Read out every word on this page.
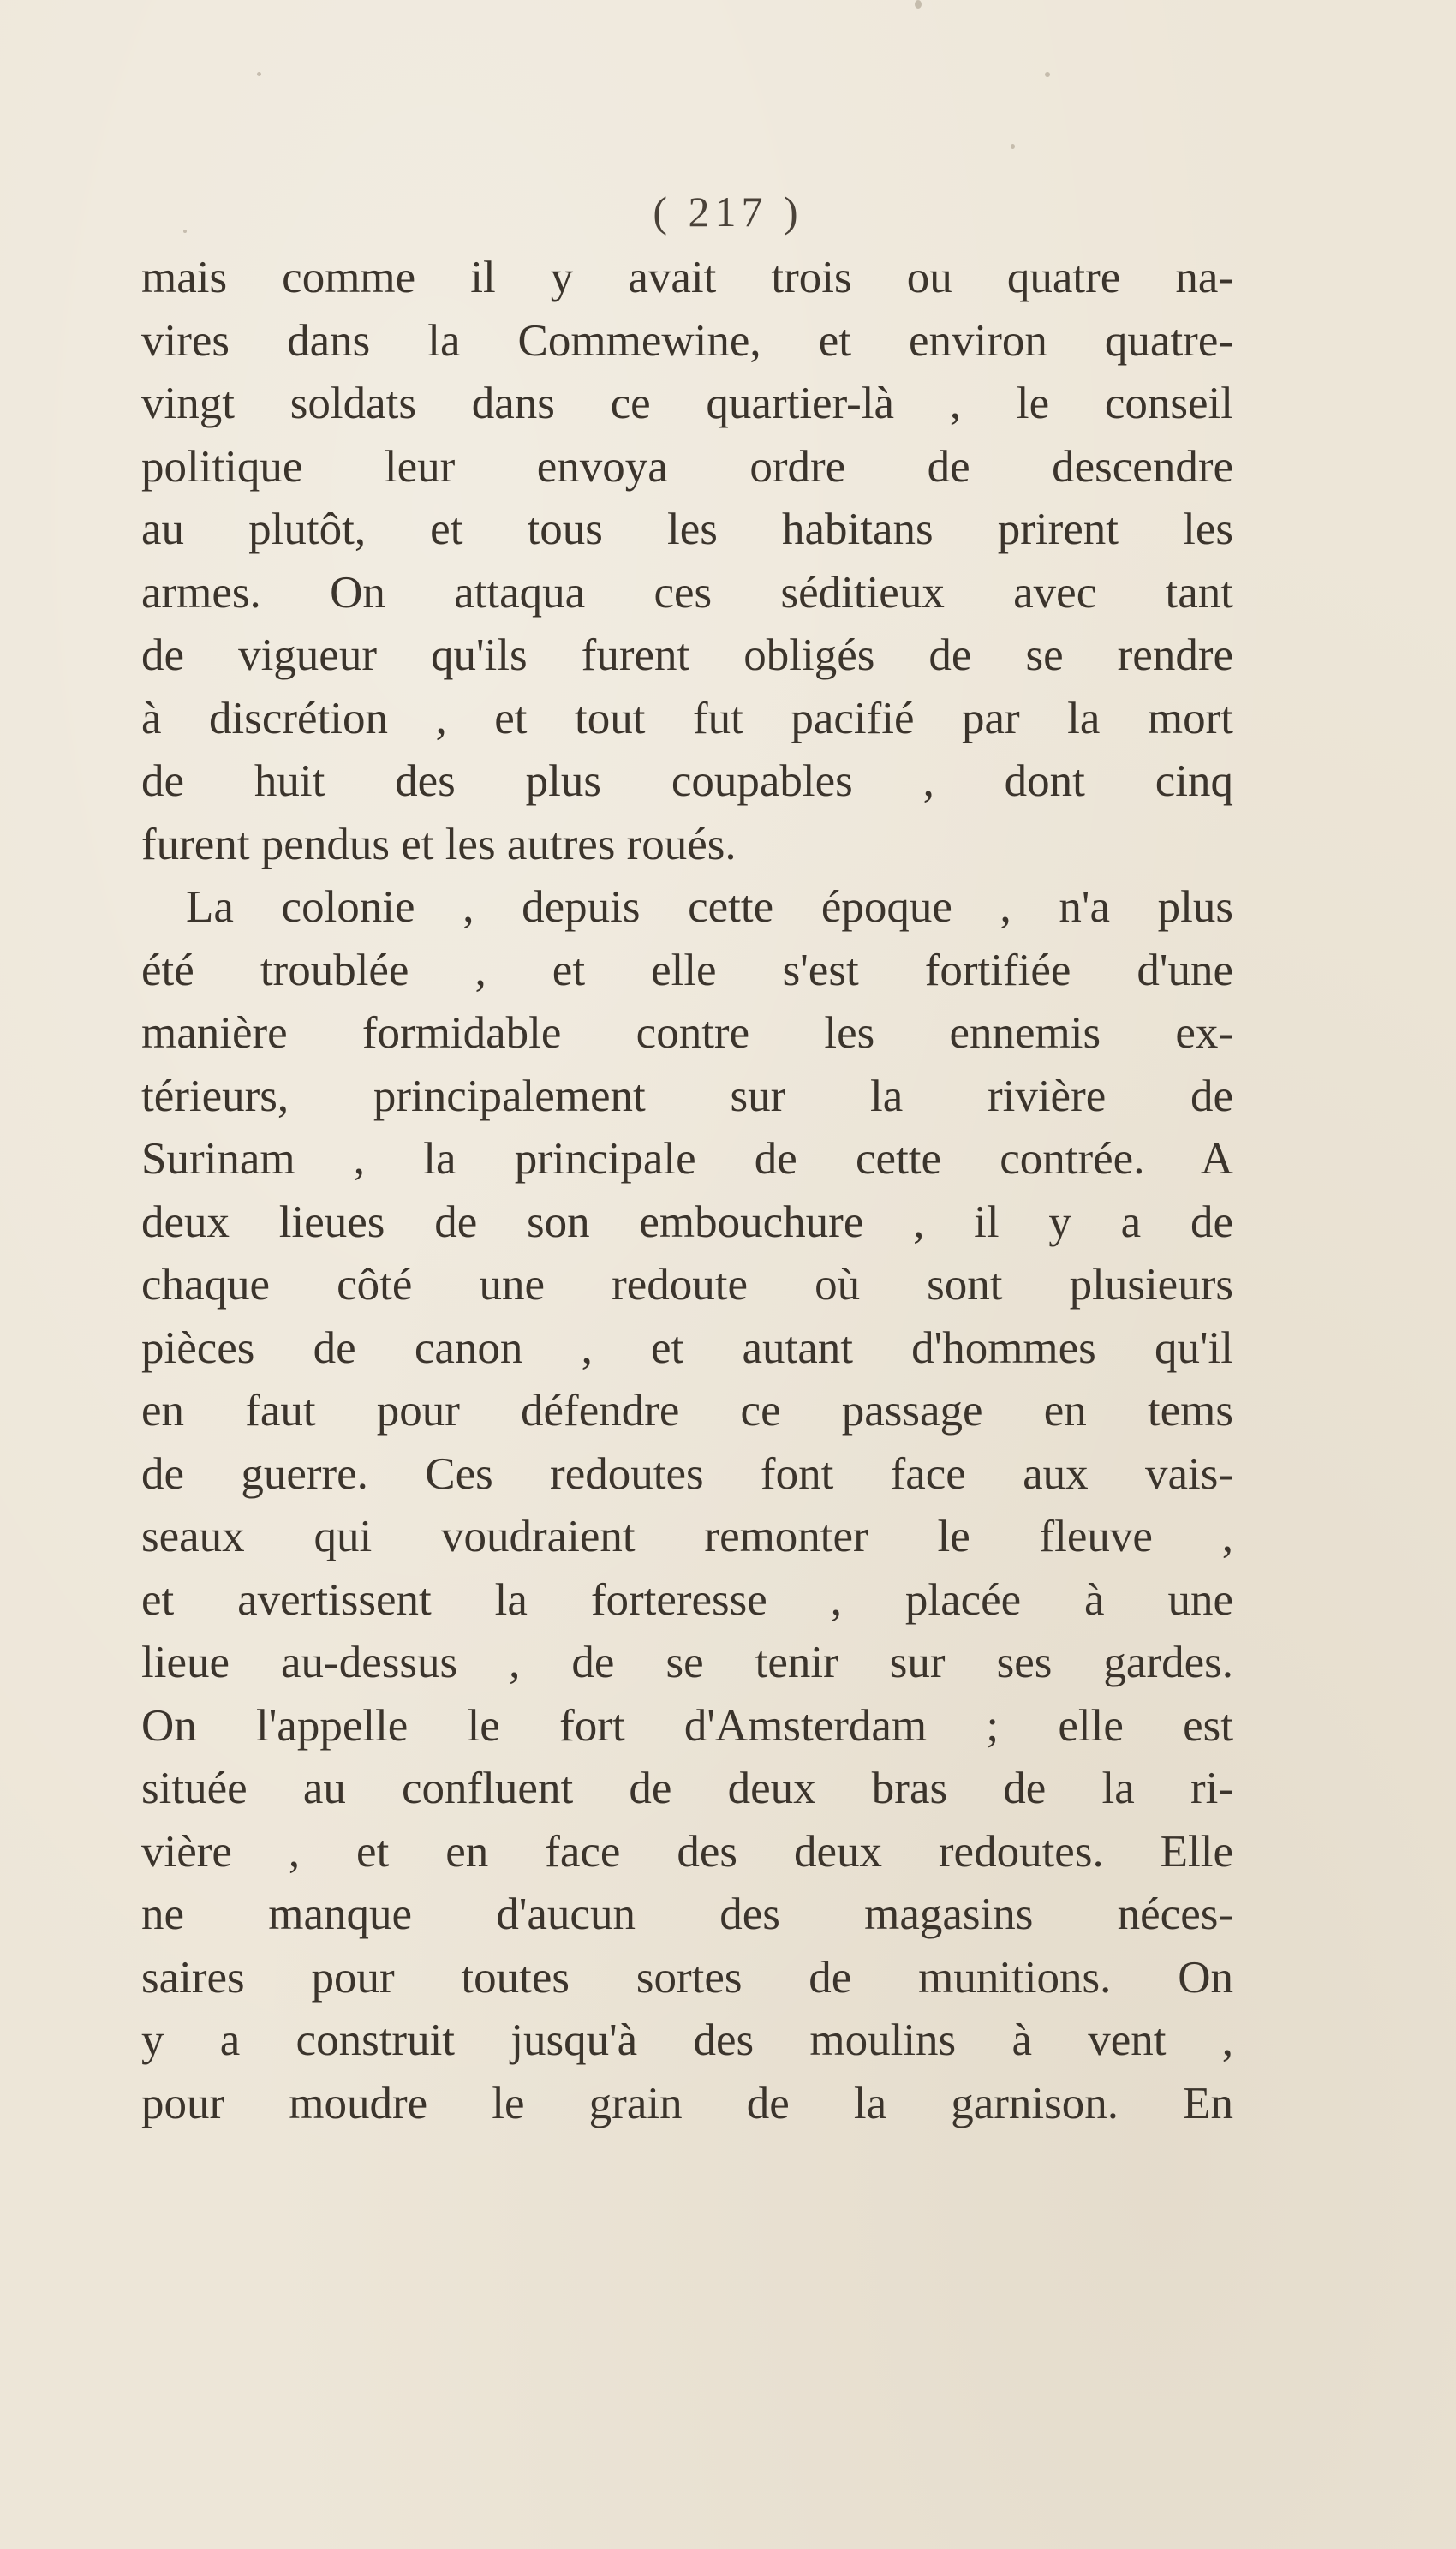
( 217 )
mais comme il y avait trois ou quatre na-
vires dans la Commewine, et environ quatre-
vingt soldats dans ce quartier-là , le conseil
politique leur envoya ordre de descendre
au plutôt, et tous les habitans prirent les
armes. On attaqua ces séditieux avec tant
de vigueur qu'ils furent obligés de se rendre
à discrétion , et tout fut pacifié par la mort
de huit des plus coupables , dont cinq
furent pendus et les autres roués.
La colonie , depuis cette époque , n'a plus
été troublée , et elle s'est fortifiée d'une
manière formidable contre les ennemis ex-
térieurs, principalement sur la rivière de
Surinam , la principale de cette contrée. A
deux lieues de son embouchure , il y a de
chaque côté une redoute où sont plusieurs
pièces de canon , et autant d'hommes qu'il
en faut pour défendre ce passage en tems
de guerre. Ces redoutes font face aux vais-
seaux qui voudraient remonter le fleuve ,
et avertissent la forteresse , placée à une
lieue au-dessus , de se tenir sur ses gardes.
On l'appelle le fort d'Amsterdam ; elle est
située au confluent de deux bras de la ri-
vière , et en face des deux redoutes. Elle
ne manque d'aucun des magasins néces-
saires pour toutes sortes de munitions. On
y a construit jusqu'à des moulins à vent ,
pour moudre le grain de la garnison. En
